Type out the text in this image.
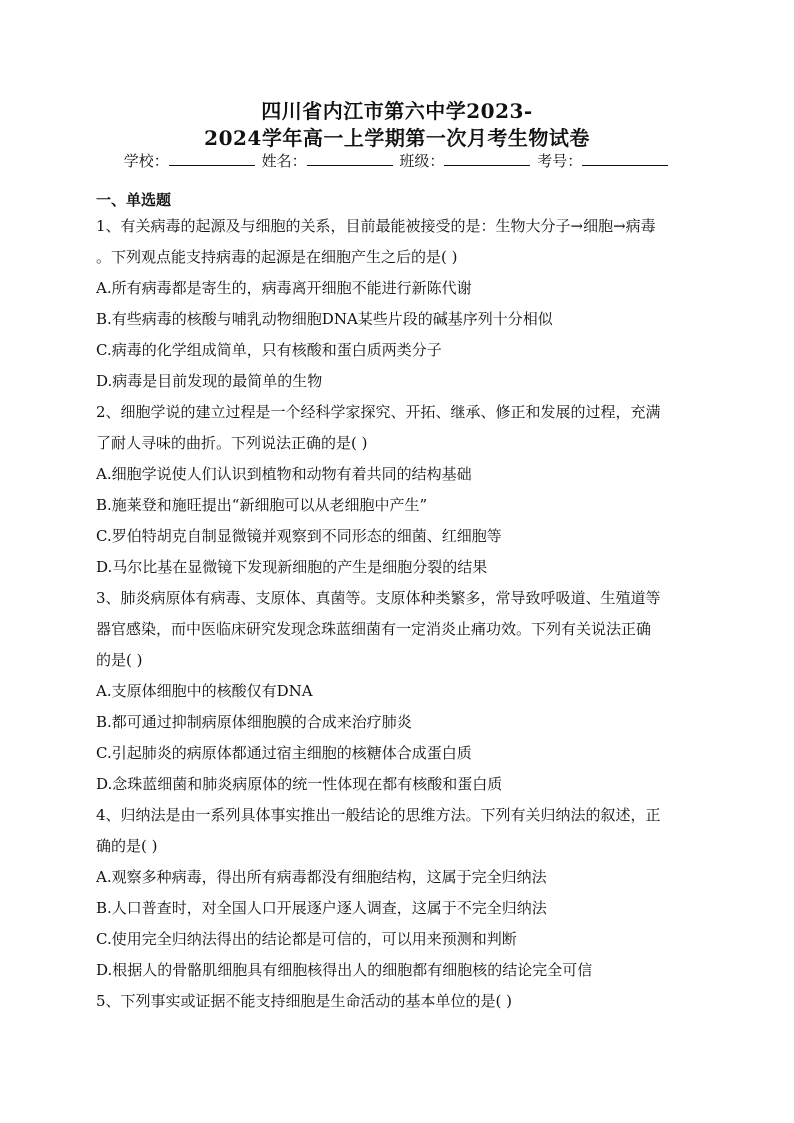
四川省内江市第六中学2023-
2024学年高一上学期第一次月考生物试卷
学校：	姓名：	班级：	考号：
一、单选题
1、有关病毒的起源及与细胞的关系，目前最能被接受的是：生物大分子→细胞→病毒
。下列观点能支持病毒的起源是在细胞产生之后的是( )
A.所有病毒都是寄生的，病毒离开细胞不能进行新陈代谢
B.有些病毒的核酸与哺乳动物细胞DNA某些片段的碱基序列十分相似
C.病毒的化学组成简单，只有核酸和蛋白质两类分子
D.病毒是目前发现的最简单的生物
2、细胞学说的建立过程是一个经科学家探究、开拓、继承、修正和发展的过程，充满
了耐人寻味的曲折。下列说法正确的是( )
A.细胞学说使人们认识到植物和动物有着共同的结构基础
B.施莱登和施旺提出“新细胞可以从老细胞中产生”
C.罗伯特胡克自制显微镜并观察到不同形态的细菌、红细胞等
D.马尔比基在显微镜下发现新细胞的产生是细胞分裂的结果
3、肺炎病原体有病毒、支原体、真菌等。支原体种类繁多，常导致呼吸道、生殖道等
器官感染，而中医临床研究发现念珠蓝细菌有一定消炎止痛功效。下列有关说法正确
的是( )
A.支原体细胞中的核酸仅有DNA
B.都可通过抑制病原体细胞膜的合成来治疗肺炎
C.引起肺炎的病原体都通过宿主细胞的核糖体合成蛋白质
D.念珠蓝细菌和肺炎病原体的统一性体现在都有核酸和蛋白质
4、归纳法是由一系列具体事实推出一般结论的思维方法。下列有关归纳法的叙述，正
确的是( )
A.观察多种病毒，得出所有病毒都没有细胞结构，这属于完全归纳法
B.人口普查时，对全国人口开展逐户逐人调查，这属于不完全归纳法
C.使用完全归纳法得出的结论都是可信的，可以用来预测和判断
D.根据人的骨骼肌细胞具有细胞核得出人的细胞都有细胞核的结论完全可信
5、下列事实或证据不能支持细胞是生命活动的基本单位的是( )
